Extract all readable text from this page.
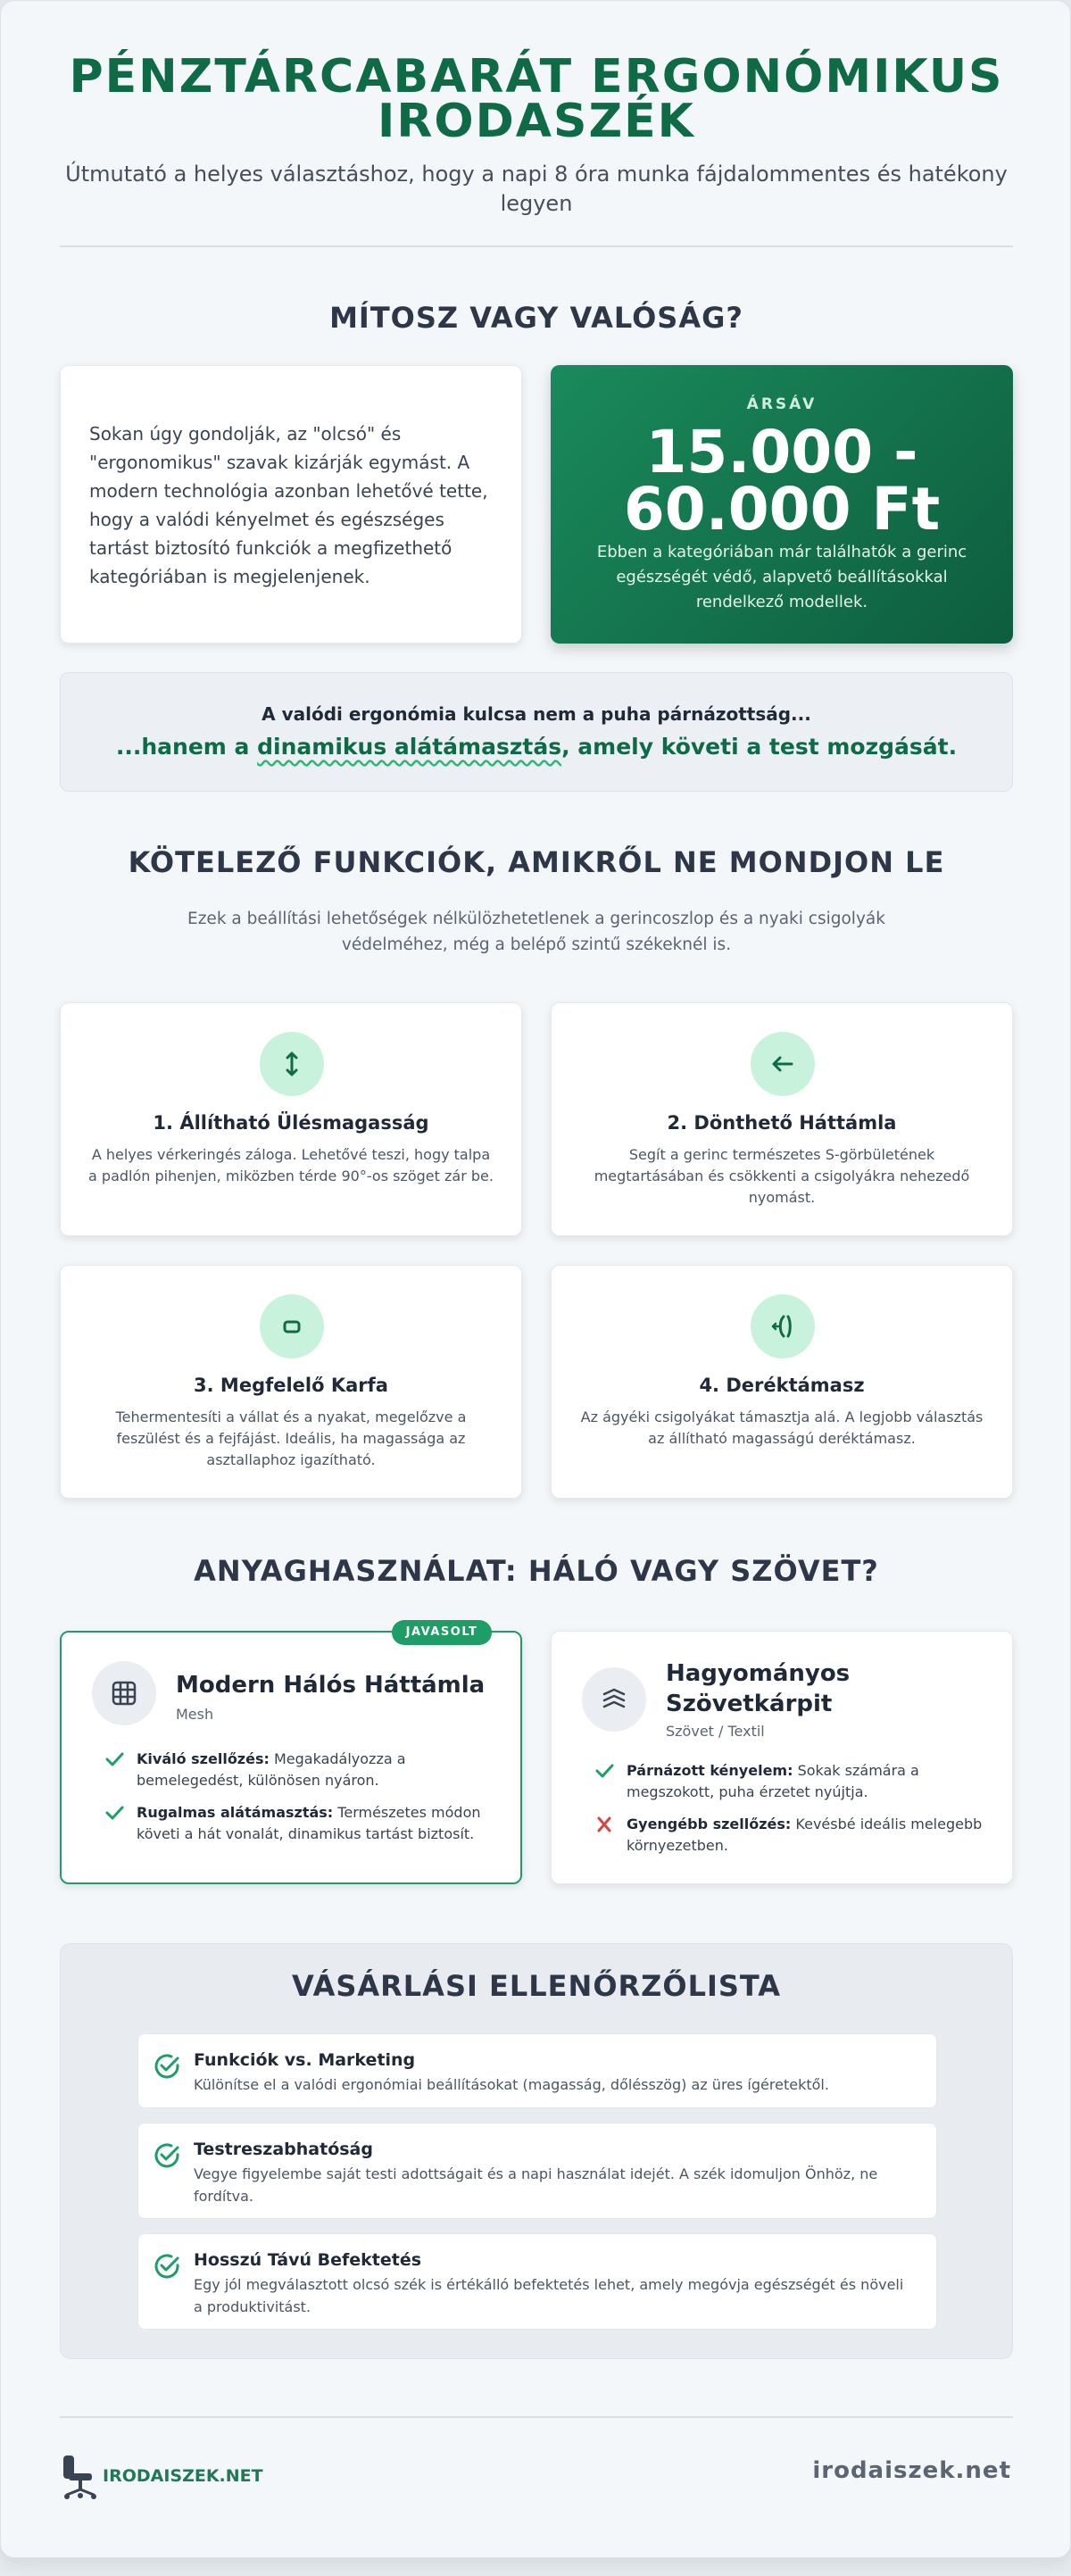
PÉNZTÁRCABARÁT ERGONÓMIKUS
IRODASZÉK
Útmutató a helyes választáshoz, hogy a napi 8 óra munka fájdalommentes és hatékony legyen
MÍTOSZ VAGY VALÓSÁG?
Sokan úgy gondolják, az "olcsó" és "ergonomikus" szavak kizárják egymást. A modern technológia azonban lehetővé tette, hogy a valódi kényelmet és egészséges tartást biztosító funkciók a megfizethető kategóriában is megjelenjenek.
ÁRSÁV
15.000 -
60.000 Ft
Ebben a kategóriában már találhatók a gerinc egészségét védő, alapvető beállításokkal rendelkező modellek.
A valódi ergonómia kulcsa nem a puha párnázottság...
...hanem a dinamikus alátámasztás, amely követi a test mozgását.
KÖTELEZŐ FUNKCIÓK, AMIKRŐL NE MONDJON LE
Ezek a beállítási lehetőségek nélkülözhetetlenek a gerincoszlop és a nyaki csigolyák védelméhez, még a belépő szintű székeknél is.
1. Állítható Ülésmagasság
A helyes vérkeringés záloga. Lehetővé teszi, hogy talpa a padlón pihenjen, miközben térde 90°-os szöget zár be.
2. Dönthető Háttámla
Segít a gerinc természetes S-görbületének megtartásában és csökkenti a csigolyákra nehezedő nyomást.
3. Megfelelő Karfa
Tehermentesíti a vállat és a nyakat, megelőzve a feszülést és a fejfájást. Ideális, ha magassága az asztallaphoz igazítható.
4. Deréktámasz
Az ágyéki csigolyákat támasztja alá. A legjobb választás az állítható magasságú deréktámasz.
ANYAGHASZNÁLAT: HÁLÓ VAGY SZÖVET?
JAVASOLT
Modern Hálós Háttámla
Mesh
Kiváló szellőzés: Megakadályozza a bemelegedést, különösen nyáron.
Rugalmas alátámasztás: Természetes módon követi a hát vonalát, dinamikus tartást biztosít.
Hagyományos
Szövetkárpit
Szövet / Textil
Párnázott kényelem: Sokak számára a megszokott, puha érzetet nyújtja.
Gyengébb szellőzés: Kevésbé ideális melegebb környezetben.
VÁSÁRLÁSI ELLENŐRZŐLISTA
Funkciók vs. Marketing
Különítse el a valódi ergonómiai beállításokat (magasság, dőlésszög) az üres ígéretektől.
Testreszabhatóság
Vegye figyelembe saját testi adottságait és a napi használat idejét. A szék idomuljon Önhöz, ne fordítva.
Hosszú Távú Befektetés
Egy jól megválasztott olcsó szék is értékálló befektetés lehet, amely megóvja egészségét és növeli a produktivitást.
IRODAISZEK.NET	irodaiszek.net
